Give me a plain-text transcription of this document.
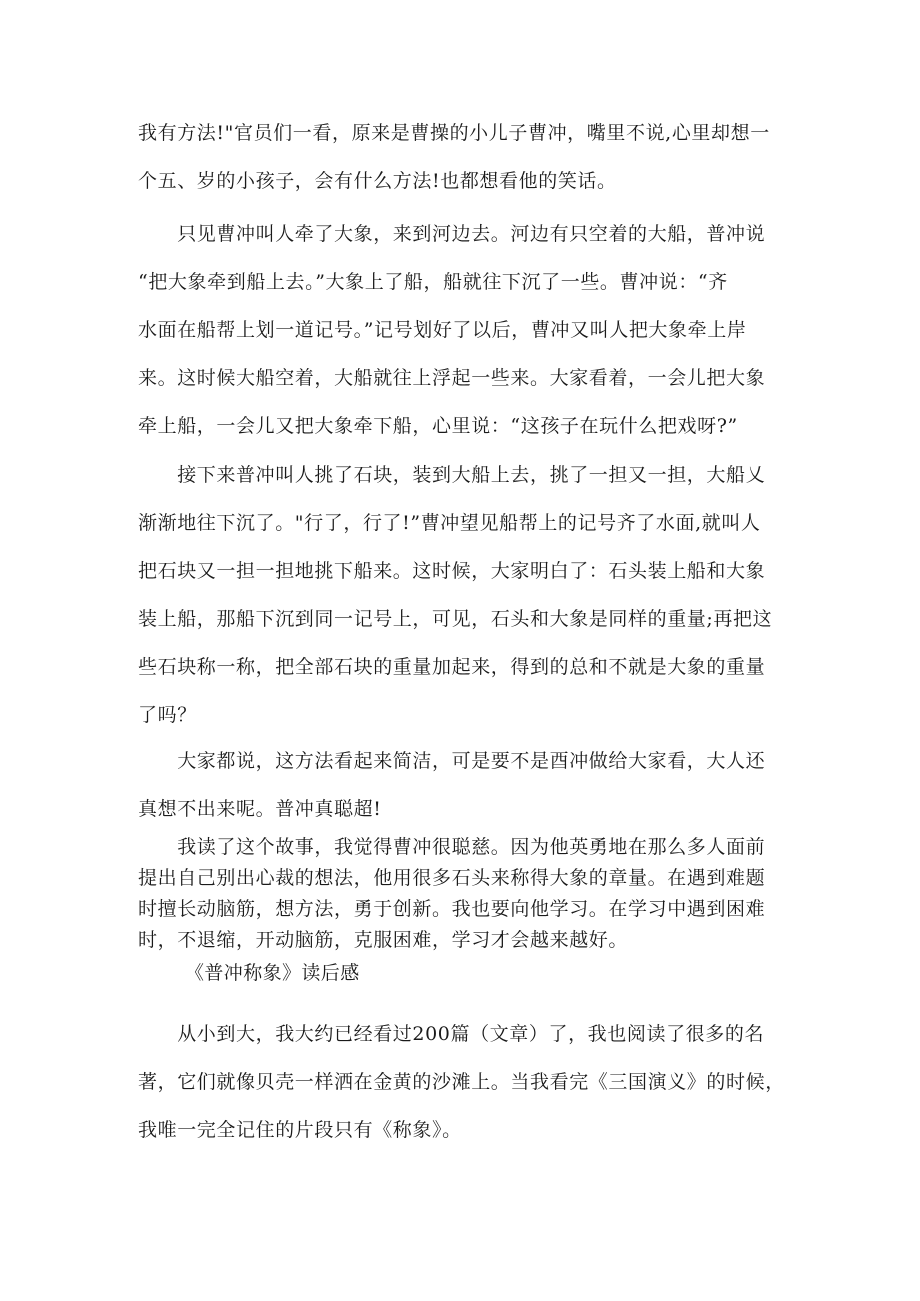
我有方法!"官员们一看，原来是曹操的小儿子曹冲，嘴里不说,心里却想一
个五、岁的小孩子，会有什么方法!也都想看他的笑话。

　　只见曹冲叫人牵了大象，来到河边去。河边有只空着的大船，普冲说
“把大象牵到船上去。”大象上了船，船就往下沉了一些。曹冲说：“齐
水面在船帮上划一道记号。”记号划好了以后，曹冲又叫人把大象牵上岸
来。这时候大船空着，大船就往上浮起一些来。大家看着，一会儿把大象
牵上船，一会儿又把大象牵下船，心里说：“这孩子在玩什么把戏呀?”

　　接下来普冲叫人挑了石块，装到大船上去，挑了一担又一担，大船乂
渐渐地往下沉了。"行了，行了!”曹冲望见船帮上的记号齐了水面,就叫人
把石块又一担一担地挑下船来。这时候，大家明白了：石头装上船和大象
装上船，那船下沉到同一记号上，可见，石头和大象是同样的重量;再把这
些石块称一称，把全部石块的重量加起来，得到的总和不就是大象的重量
了吗？

　　大家都说，这方法看起来简洁，可是要不是酉冲做给大家看，大人还
真想不出来呢。普冲真聪超!

　　我读了这个故事，我觉得曹冲很聪慈。因为他英勇地在那么多人面前
提出自己别出心裁的想法，他用很多石头来称得大象的章量。在遇到难题
时擅长动脑筋，想方法，勇于创新。我也要向他学习。在学习中遇到困难
时，不退缩，开动脑筋，克服困难，学习才会越来越好。

《普冲称象》读后感

　　从小到大，我大约已经看过200篇（文章）了，我也阅读了很多的名
著，它们就像贝壳一样洒在金黄的沙滩上。当我看完《三国演义》的时候，
我唯一完全记住的片段只有《称象》。
